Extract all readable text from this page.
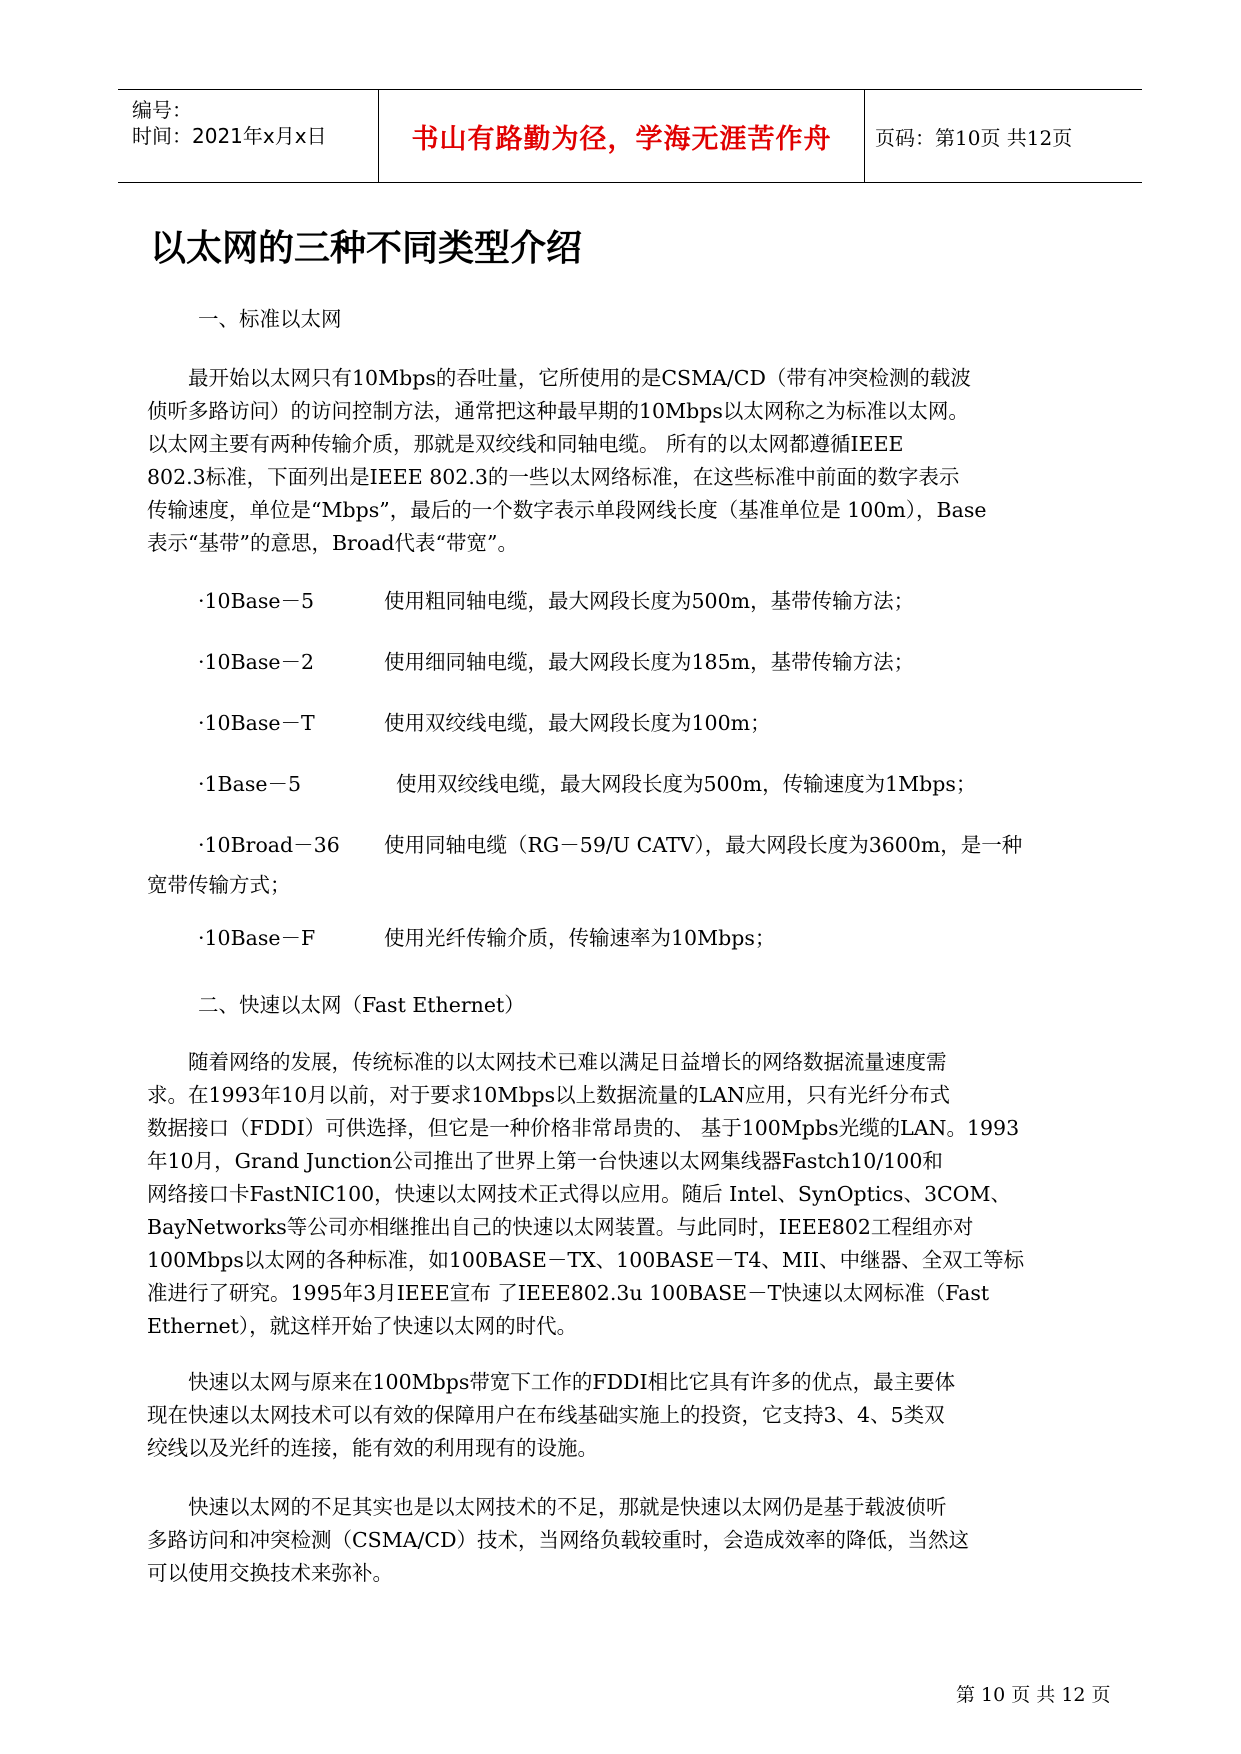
编号：
时间：2021年x月x日	书山有路勤为径，学海无涯苦作舟 页码：第10页 共12页
以太网的三种不同类型介绍
一、标准以太网
　　最开始以太网只有10Mbps的吞吐量，它所使用的是CSMA/CD（带有冲突检测的载波
侦听多路访问）的访问控制方法，通常把这种最早期的10Mbps以太网称之为标准以太网。
以太网主要有两种传输介质，那就是双绞线和同轴电缆。 所有的以太网都遵循IEEE
802.3标准，下面列出是IEEE 802.3的一些以太网络标准，在这些标准中前面的数字表示
传输速度，单位是“Mbps”，最后的一个数字表示单段网线长度（基准单位是 100m），Base
表示“基带”的意思，Broad代表“带宽”。
·10Base－5	使用粗同轴电缆，最大网段长度为500m，基带传输方法；
·10Base－2	使用细同轴电缆，最大网段长度为185m，基带传输方法；
·10Base－T	使用双绞线电缆，最大网段长度为100m；
·1Base－5	使用双绞线电缆，最大网段长度为500m，传输速度为1Mbps；
·10Broad－36 使用同轴电缆（RG－59/U CATV），最大网段长度为3600m，是一种
宽带传输方式；
·10Base－F	使用光纤传输介质，传输速率为10Mbps；
二、快速以太网（Fast Ethernet）
　　随着网络的发展，传统标准的以太网技术已难以满足日益增长的网络数据流量速度需
求。在1993年10月以前，对于要求10Mbps以上数据流量的LAN应用，只有光纤分布式
数据接口（FDDI）可供选择，但它是一种价格非常昂贵的、 基于100Mpbs光缆的LAN。1993
年10月，Grand Junction公司推出了世界上第一台快速以太网集线器Fastch10/100和
网络接口卡FastNIC100，快速以太网技术正式得以应用。随后 Intel、SynOptics、3COM、
BayNetworks等公司亦相继推出自己的快速以太网装置。与此同时，IEEE802工程组亦对
100Mbps以太网的各种标准，如100BASE－TX、100BASE－T4、MII、中继器、全双工等标
准进行了研究。1995年3月IEEE宣布 了IEEE802.3u 100BASE－T快速以太网标准（Fast
Ethernet），就这样开始了快速以太网的时代。
　　快速以太网与原来在100Mbps带宽下工作的FDDI相比它具有许多的优点，最主要体
现在快速以太网技术可以有效的保障用户在布线基础实施上的投资，它支持3、4、5类双
绞线以及光纤的连接，能有效的利用现有的设施。
　　快速以太网的不足其实也是以太网技术的不足，那就是快速以太网仍是基于载波侦听
多路访问和冲突检测（CSMA/CD）技术，当网络负载较重时，会造成效率的降低，当然这
可以使用交换技术来弥补。
第 10 页 共 12 页
